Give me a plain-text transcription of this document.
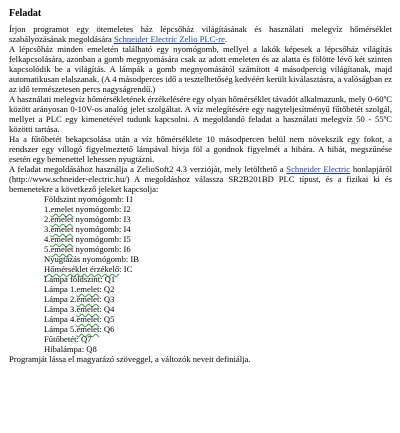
Feladat

Írjon programot egy ötemeletes ház lépcsőház világításának és használati melegvíz hőmérséklet szabályozásának megoldására Schneider Electric Zelio PLC-re.

A lépcsőház minden emeletén található egy nyomógomb, mellyel a lakók képesek a lépcsőház világítás felkapcsolására, azonban a gomb megnyomására csak az adott emeleten és az alatta és fölötte lévő két szinten kapcsolódik be a világítás. A lámpák a gomb megnyomásától számított 4 másodpercig világítanak, majd automatikusan elalszanak. (A 4 másodperces idő a tesztelhetőség kedvéért került kiválasztásra, a valóságban ez az idő természetesen percs nagyságrendű.)

A használati melegvíz hőmérsékletének érzékelésére egy olyan hőmérséklet távadót alkalmazunk, mely 0-60ºC között arányosan 0-10V-os analóg jelet szolgáltat. A víz melegítésére egy nagyteljesítményű fűtőbetét szolgál, mellyet a PLC egy kimenetével tudunk kapcsolni. A megoldandó feladat a használati melegvíz 50 - 55ºC közötti tartása.

Ha a fűtőbetét bekapcsolása után a víz hőmérséklete 10 másodpercen belül nem növekszik egy fokot, a rendszer egy villogó figyelmeztető lámpával hívja föl a gondnok figyelmét a hibára. A hibát, megszűnése esetén egy bemenettel lehessen nyugtázni.

A feladat megoldásához használja a ZelioSoft2 4.3 verzióját, mely letölthető a Schneider Electric honlapjáról (http://www.schneider-electric.hu/) A megoldáshoz válassza SR2B201BD PLC típust, és a fizikai ki és bemenetekre a következő jeleket kapcsolja:

Földszint nyomógomb: I1
1.emelet nyomógomb: I2
2.emelet nyomógomb: I3
3.emelet nyomógomb: I4
4.emelet nyomógomb: I5
5.emelet nyomógomb: I6
Nyugtázás nyomógomb: IB
Hőmérséklet érzékelő: IC
Lámpa földszint: Q1
Lámpa 1.emelet: Q2
Lámpa 2.emelet: Q3
Lámpa 3.emelet: Q4
Lámpa 4.emelet: Q5
Lámpa 5.emelet: Q6
Fűtőbetét: Q7
Hibalámpa: Q8

Programját lássa el magyarázó szöveggel, a változók neveit definiálja.
